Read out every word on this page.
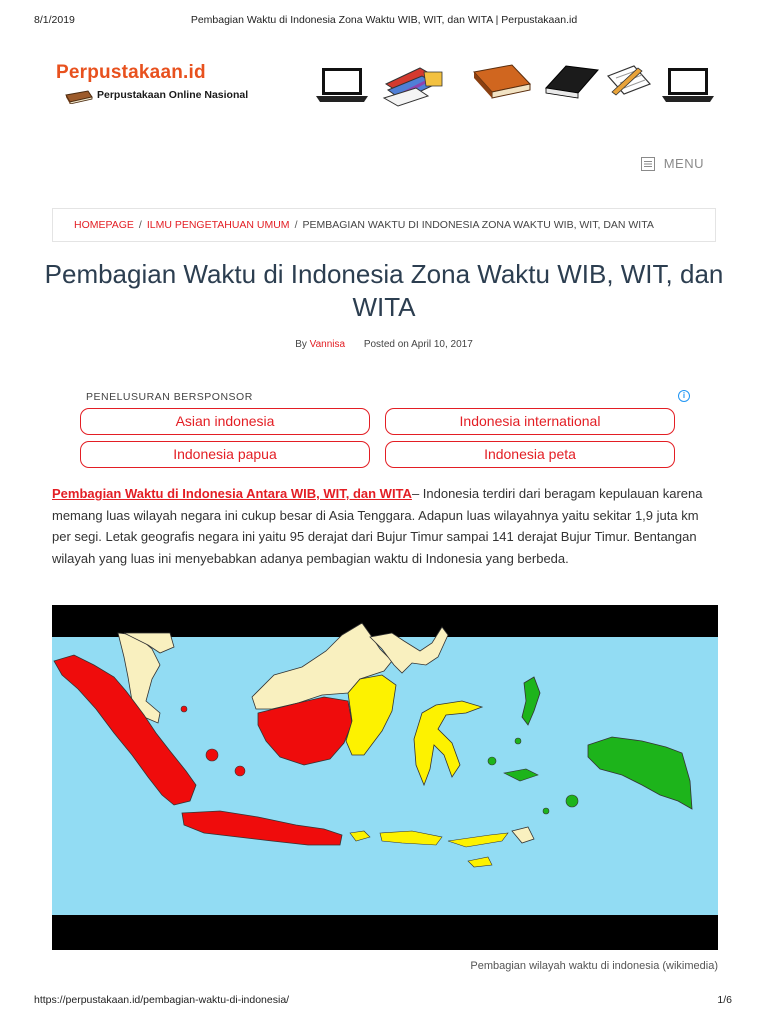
8/1/2019	Pembagian Waktu di Indonesia Zona Waktu WIB, WIT, dan WITA | Perpustakaan.id
Perpustakaan.id
Perpustakaan Online Nasional
MENU
HOMEPAGE / ILMU PENGETAHUAN UMUM / PEMBAGIAN WAKTU DI INDONESIA ZONA WAKTU WIB, WIT, DAN WITA
Pembagian Waktu di Indonesia Zona Waktu WIB, WIT, dan WITA
By Vannisa Posted on April 10, 2017
PENELUSURAN BERSPONSOR	i
Asian indonesia	Indonesia international
Indonesia papua	Indonesia peta

Pembagian Waktu di Indonesia Antara WIB, WIT, dan WITA– Indonesia terdiri dari beragam kepulauan karena memang luas wilayah negara ini cukup besar di Asia Tenggara. Adapun luas wilayahnya yaitu sekitar 1,9 juta km per segi. Letak geografis negara ini yaitu 95 derajat dari Bujur Timur sampai 141 derajat Bujur Timur. Bentangan wilayah yang luas ini menyebabkan adanya pembagian waktu di Indonesia yang berbeda.

Pembagian wilayah waktu di indonesia (wikimedia)
https://perpustakaan.id/pembagian-waktu-di-indonesia/	1/6
